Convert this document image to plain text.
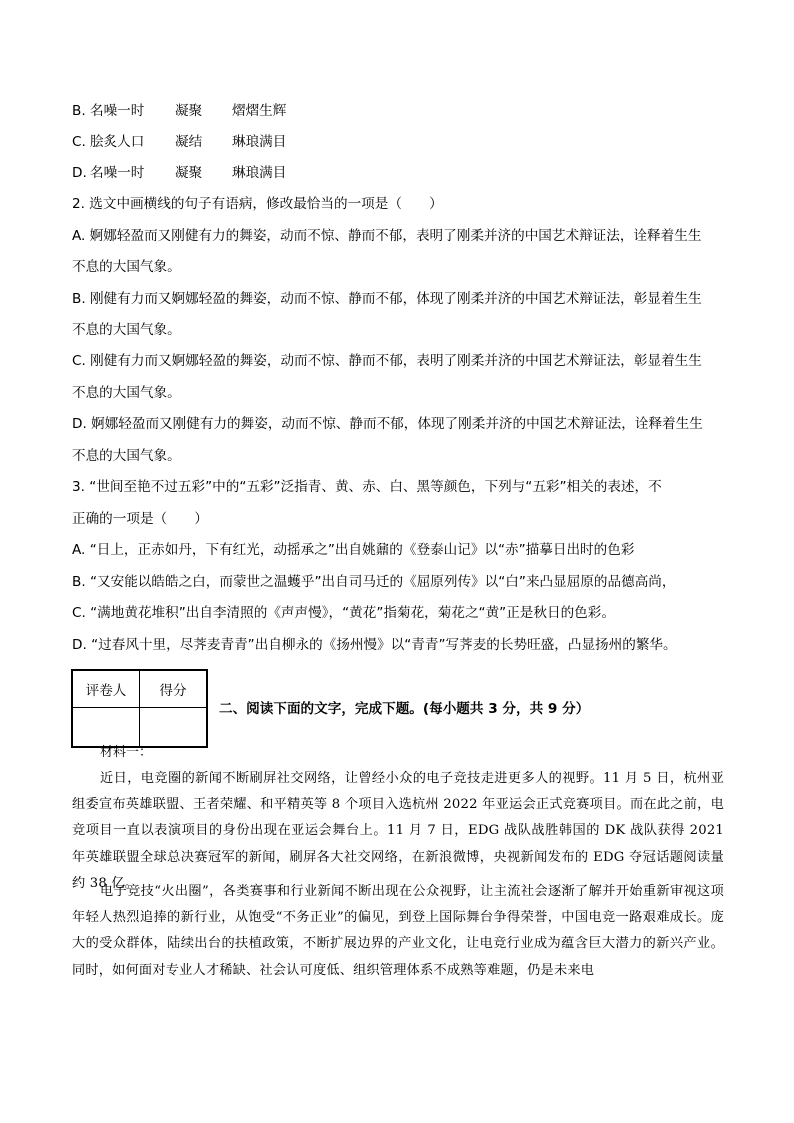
B. 名噪一时 凝聚 熠熠生辉
C. 脍炙人口 凝结 琳琅满目
D. 名噪一时 凝聚 琳琅满目
2. 选文中画横线的句子有语病，修改最恰当的一项是（　　）
A. 婀娜轻盈而又刚健有力的舞姿，动而不惊、静而不郁，表明了刚柔并济的中国艺术辩证法，诠释着生生
不息的大国气象。
B. 刚健有力而又婀娜轻盈的舞姿，动而不惊、静而不郁，体现了刚柔并济的中国艺术辩证法，彰显着生生
不息的大国气象。
C. 刚健有力而又婀娜轻盈的舞姿，动而不惊、静而不郁，表明了刚柔并济的中国艺术辩证法，彰显着生生
不息的大国气象。
D. 婀娜轻盈而又刚健有力的舞姿，动而不惊、静而不郁，体现了刚柔并济的中国艺术辩证法，诠释着生生
不息的大国气象。
3. “世间至艳不过五彩”中的“五彩”泛指青、黄、赤、白、黑等颜色，下列与“五彩”相关的表述，不
正确的一项是（　　）
A. “日上，正赤如丹，下有红光，动摇承之”出自姚鼐的《登泰山记》以“赤”描摹日出时的色彩
B. “又安能以皓皓之白，而蒙世之温蠖乎”出自司马迁的《屈原列传》以“白”来凸显屈原的品德高尚，
C. “满地黄花堆积”出自李清照的《声声慢》，“黄花”指菊花，菊花之“黄”正是秋日的色彩。
D. “过春风十里，尽荠麦青青”出自柳永的《扬州慢》以“青青”写荠麦的长势旺盛，凸显扬州的繁华。
评卷人	得分

二、阅读下面的文字，完成下题。(每小题共 3 分，共 9 分）
材料一：
近日，电竞圈的新闻不断刷屏社交网络，让曾经小众的电子竞技走进更多人的视野。11 月 5 日，杭州亚组委宣布英雄联盟、王者荣耀、和平精英等 8 个项目入选杭州 2022 年亚运会正式竞赛项目。而在此之前，电竞项目一直以表演项目的身份出现在亚运会舞台上。11 月 7 日，EDG 战队战胜韩国的 DK 战队获得 2021 年英雄联盟全球总决赛冠军的新闻，刷屏各大社交网络，在新浪微博，央视新闻发布的 EDG 夺冠话题阅读量约 38 亿。
电子竞技“火出圈”，各类赛事和行业新闻不断出现在公众视野，让主流社会逐渐了解并开始重新审视这项年轻人热烈追捧的新行业，从饱受“不务正业”的偏见，到登上国际舞台争得荣誉，中国电竞一路艰难成长。庞大的受众群体，陆续出台的扶植政策，不断扩展边界的产业文化，让电竞行业成为蕴含巨大潜力的新兴产业。同时，如何面对专业人才稀缺、社会认可度低、组织管理体系不成熟等难题，仍是未来电
